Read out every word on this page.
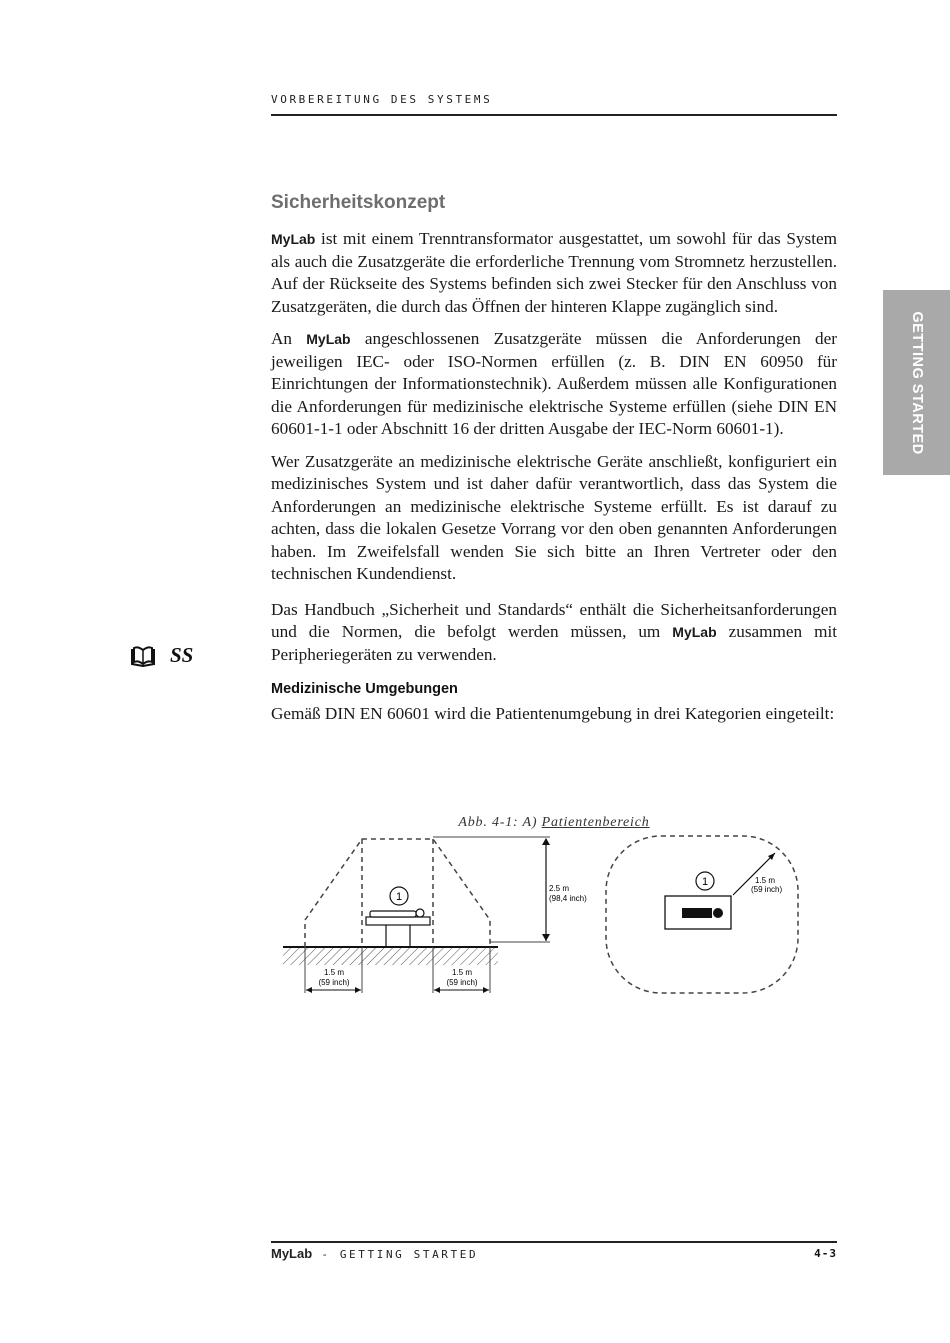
VORBEREITUNG DES SYSTEMS
GETTING STARTED
Sicherheitskonzept

MyLab ist mit einem Trenntransformator ausgestattet, um sowohl für das System als auch die Zusatzgeräte die erforderliche Trennung vom Stromnetz herzustellen. Auf der Rückseite des Systems befinden sich zwei Stecker für den Anschluss von Zusatzgeräten, die durch das Öffnen der hinteren Klappe zugänglich sind.

An MyLab angeschlossenen Zusatzgeräte müssen die Anforderungen der jeweiligen IEC- oder ISO-Normen erfüllen (z. B. DIN EN 60950 für Einrichtungen der Informationstechnik). Außerdem müssen alle Konfigurationen die Anforderungen für medizinische elektrische Systeme erfüllen (siehe DIN EN 60601-1-1 oder Abschnitt 16 der dritten Ausgabe der IEC-Norm 60601-1).

Wer Zusatzgeräte an medizinische elektrische Geräte anschließt, konfiguriert ein medizinisches System und ist daher dafür verantwortlich, dass das System die Anforderungen an medizinische elektrische Systeme erfüllt. Es ist darauf zu achten, dass die lokalen Gesetze Vorrang vor den oben genannten Anforderungen haben. Im Zweifelsfall wenden Sie sich bitte an Ihren Vertreter oder den technischen Kundendienst.

Das Handbuch „Sicherheit und Standards“ enthält die Sicherheitsanforderungen und die Normen, die befolgt werden müssen, um MyLab zusammen mit Peripheriegeräten zu verwenden.

Medizinische Umgebungen

Gemäß DIN EN 60601 wird die Patientenumgebung in drei Kategorien eingeteilt:

SS
Abb. 4-1: A) Patientenbereich
2.5 m
(98,4 inch)
1
1.5 m
(59 inch)
1.5 m
(59 inch)
1	1.5 m
(59 inch)
MyLab - GETTING STARTED	4-3
